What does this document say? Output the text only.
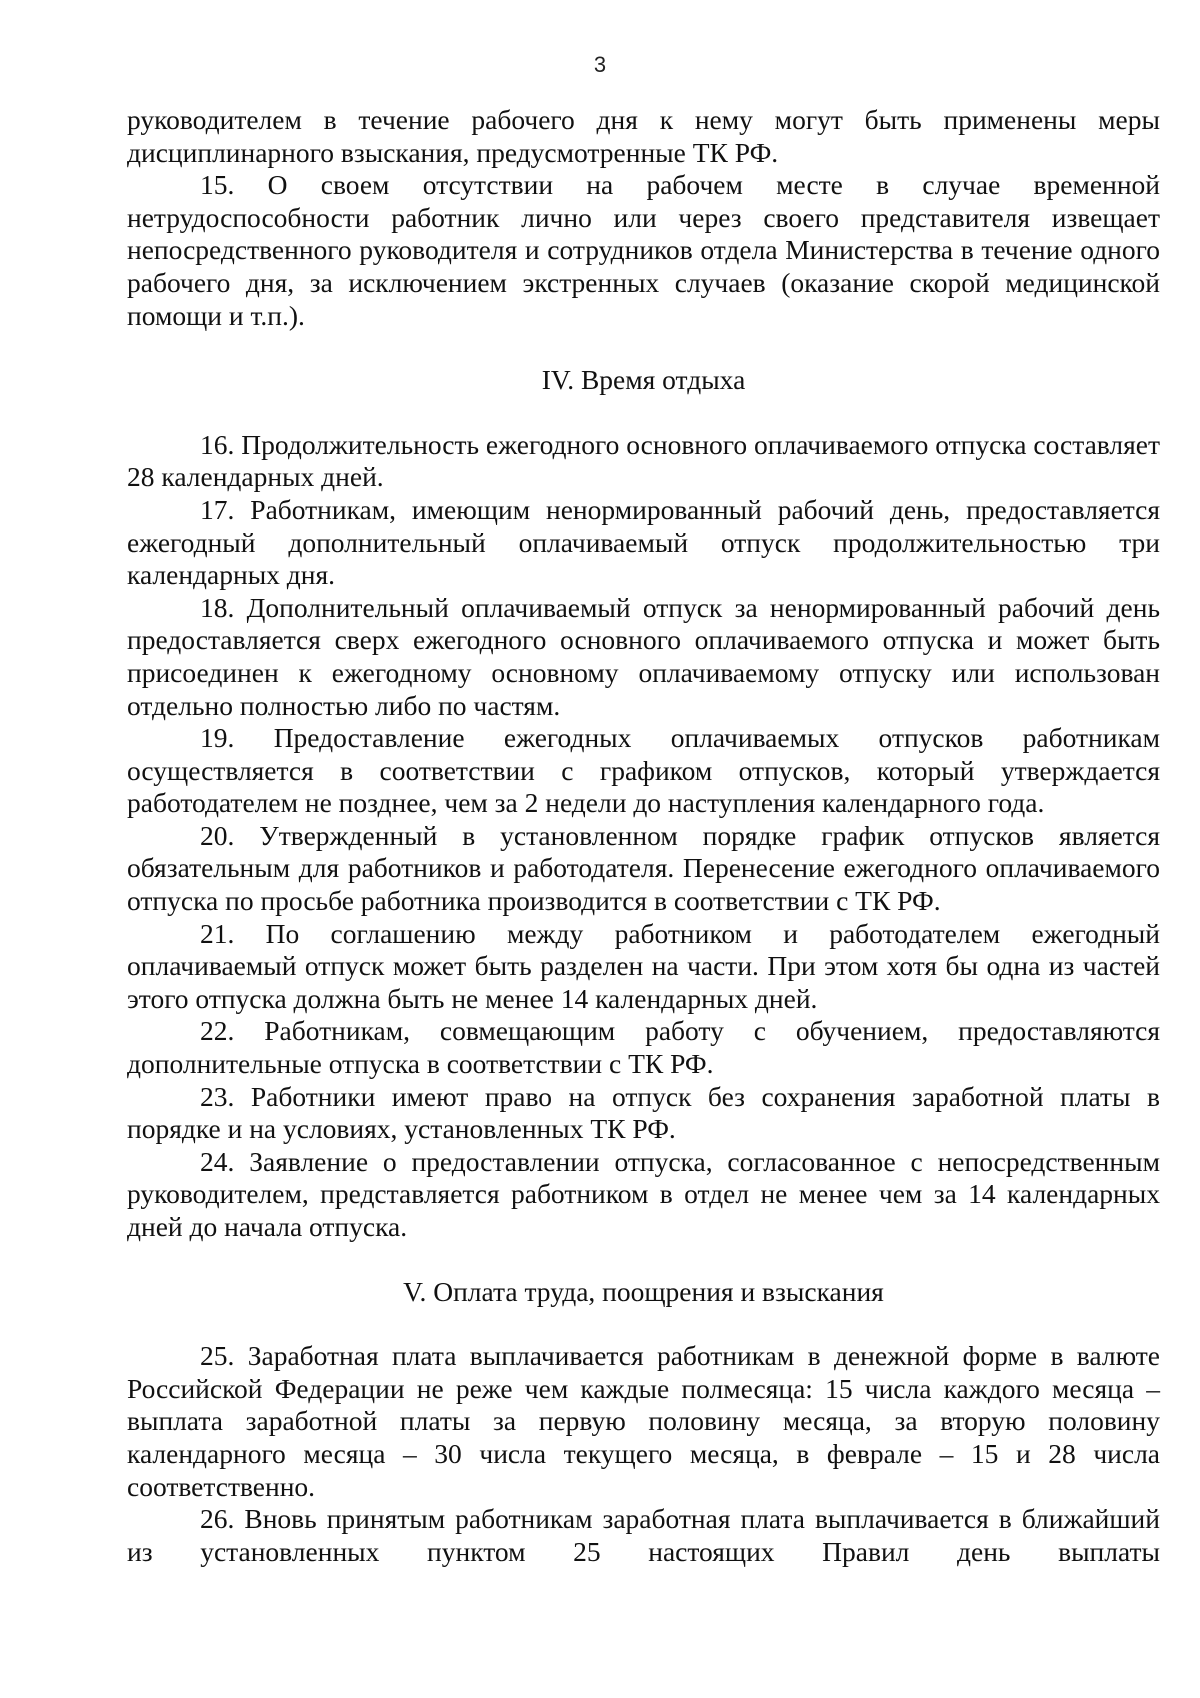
3

руководителем в течение рабочего дня к нему могут быть применены меры дисциплинарного взыскания, предусмотренные ТК РФ.

15. О своем отсутствии на рабочем месте в случае временной нетрудоспособности работник лично или через своего представителя извещает непосредственного руководителя и сотрудников отдела Министерства в течение одного рабочего дня, за исключением экстренных случаев (оказание скорой медицинской помощи и т.п.).

IV. Время отдыха

16. Продолжительность ежегодного основного оплачиваемого отпуска составляет 28 календарных дней.

17. Работникам, имеющим ненормированный рабочий день, предоставляется ежегодный дополнительный оплачиваемый отпуск продолжительностью три календарных дня.

18. Дополнительный оплачиваемый отпуск за ненормированный рабочий день предоставляется сверх ежегодного основного оплачиваемого отпуска и может быть присоединен к ежегодному основному оплачиваемому отпуску или использован отдельно полностью либо по частям.

19. Предоставление ежегодных оплачиваемых отпусков работникам осуществляется в соответствии с графиком отпусков, который утверждается работодателем не позднее, чем за 2 недели до наступления календарного года.

20. Утвержденный в установленном порядке график отпусков является обязательным для работников и работодателя. Перенесение ежегодного оплачиваемого отпуска по просьбе работника производится в соответствии с ТК РФ.

21. По соглашению между работником и работодателем ежегодный оплачиваемый отпуск может быть разделен на части. При этом хотя бы одна из частей этого отпуска должна быть не менее 14 календарных дней.

22. Работникам, совмещающим работу с обучением, предоставляются дополнительные отпуска в соответствии с ТК РФ.

23. Работники имеют право на отпуск без сохранения заработной платы в порядке и на условиях, установленных ТК РФ.

24. Заявление о предоставлении отпуска, согласованное с непосредственным руководителем, представляется работником в отдел не менее чем за 14 календарных дней до начала отпуска.

V. Оплата труда, поощрения и взыскания

25. Заработная плата выплачивается работникам в денежной форме в валюте Российской Федерации не реже чем каждые полмесяца: 15 числа каждого месяца – выплата заработной платы за первую половину месяца, за вторую половину календарного месяца – 30 числа текущего месяца, в феврале – 15 и 28 числа соответственно.

26. Вновь принятым работникам заработная плата выплачивается в ближайший из установленных пунктом 25 настоящих Правил день выплаты
